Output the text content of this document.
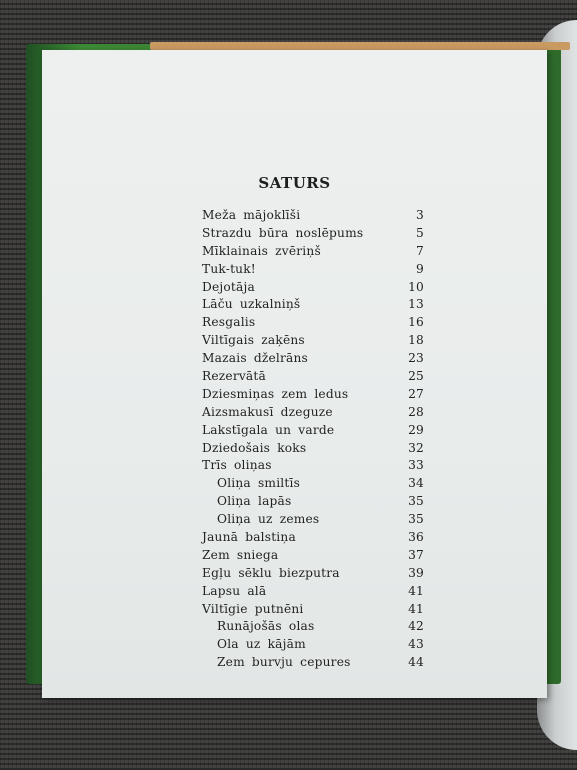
SATURS
Meža mājoklīši	3
Strazdu būra noslēpums	5
Mīklainais zvēriņš	7
Tuk-tuk!	9
Dejotāja	10
Lāču uzkalniņš	13
Resgalis	16
Viltīgais zaķēns	18
Mazais dželrāns	23
Rezervātā	25
Dziesmiņas zem ledus	27
Aizsmakusī dzeguze	28
Lakstīgala un varde	29
Dziedošais koks	32
Trīs oliņas	33
Oliņa smiltīs	34
Oliņa lapās	35
Oliņa uz zemes	35
Jaunā balstiņa	36
Zem sniega	37
Egļu sēklu biezputra	39
Lapsu alā	41
Viltīgie putnēni	41
Runājošās olas	42
Ola uz kājām	43
Zem burvju cepures	44
